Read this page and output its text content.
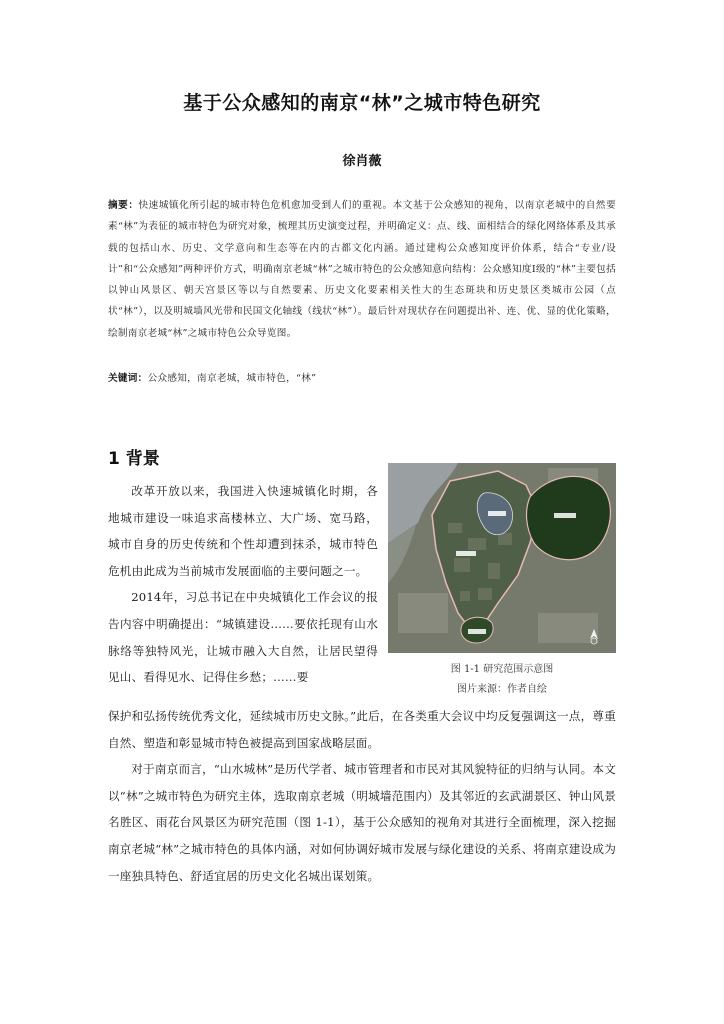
基于公众感知的南京“林”之城市特色研究
徐肖薇
摘要：快速城镇化所引起的城市特色危机愈加受到人们的重视。本文基于公众感知的视角，以南京老城中的自然要素“林”为表征的城市特色为研究对象，梳理其历史演变过程，并明确定义：点、线、面相结合的绿化网络体系及其承载的包括山水、历史、文学意向和生态等在内的古都文化内涵。通过建构公众感知度评价体系，结合“专业/设计”和“公众感知”两种评价方式，明确南京老城“林”之城市特色的公众感知意向结构：公众感知度Ⅰ级的“林”主要包括以钟山风景区、朝天宫景区等以与自然要素、历史文化要素相关性大的生态斑块和历史景区类城市公园（点状“林”），以及明城墙风光带和民国文化轴线（线状“林”）。最后针对现状存在问题提出补、连、优、显的优化策略，绘制南京老城“林”之城市特色公众导览图。
关键词：公众感知，南京老城，城市特色，“林”
1 背景

改革开放以来，我国进入快速城镇化时期，各地城市建设一味追求高楼林立、大广场、宽马路，城市自身的历史传统和个性却遭到抹杀，城市特色危机由此成为当前城市发展面临的主要问题之一。

2014年，习总书记在中央城镇化工作会议的报告内容中明确提出：“城镇建设……要依托现有山水脉络等独特风光，让城市融入大自然，让居民望得见山、看得见水、记得住乡愁；……要

图 1-1 研究范围示意图
图片来源：作者自绘

保护和弘扬传统优秀文化，延续城市历史文脉。”此后，在各类重大会议中均反复强调这一点，尊重自然、塑造和彰显城市特色被提高到国家战略层面。

对于南京而言，“山水城林”是历代学者、城市管理者和市民对其风貌特征的归纳与认同。本文以“林”之城市特色为研究主体，选取南京老城（明城墙范围内）及其邻近的玄武湖景区、钟山风景名胜区、雨花台风景区为研究范围（图 1-1），基于公众感知的视角对其进行全面梳理，深入挖掘南京老城“林”之城市特色的具体内涵，对如何协调好城市发展与绿化建设的关系、将南京建设成为一座独具特色、舒适宜居的历史文化名城出谋划策。
